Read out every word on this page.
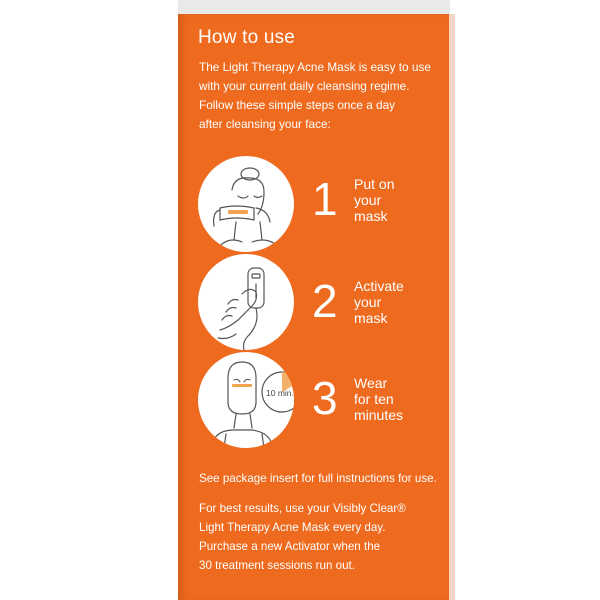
How to use
The Light Therapy Acne Mask is easy to use
with your current daily cleansing regime.
Follow these simple steps once a day
after cleansing your face:
1 Put on
your
mask
2 Activate
your
mask
10 min. 3 Wear
for ten
minutes
See package insert for full instructions for use.
For best results, use your Visibly Clear®
Light Therapy Acne Mask every day.
Purchase a new Activator when the
30 treatment sessions run out.
